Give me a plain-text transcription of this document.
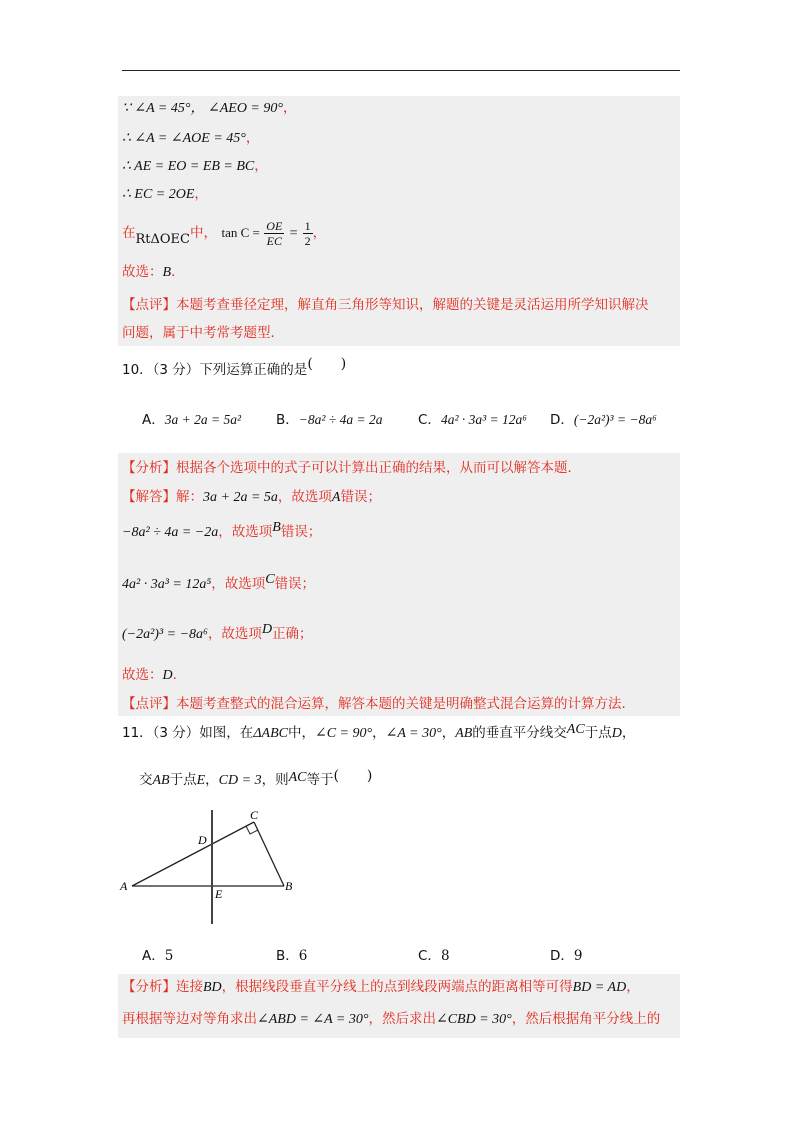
∵ ∠A = 45°， ∠AEO = 90°，
∴ ∠A = ∠AOE = 45°，
∴ AE = EO = EB = BC，
∴ EC = 2OE，
在RtΔOEC中， $\tan C = \frac{OE}{EC} = \frac{1}{2}$ ，
故选：B．
【点评】本题考查垂径定理，解直角三角形等知识，解题的关键是灵活运用所学知识解决
问题，属于中考常考题型．
10．（3 分）下列运算正确的是(　　)
A．3a + 2a = 5a²	B．−8a² ÷ 4a = 2a	C．4a² · 3a³ = 12a⁶ D．(−2a²)³ = −8a⁶
【分析】根据各个选项中的式子可以计算出正确的结果，从而可以解答本题．
【解答】解：3a + 2a = 5a，故选项A错误；
−8a² ÷ 4a = −2a，故选项B错误；
4a² · 3a³ = 12a⁵，故选项C错误；
(−2a²)³ = −8a⁶，故选项D正确；
故选：D．
【点评】本题考查整式的混合运算，解答本题的关键是明确整式混合运算的计算方法．
11．（3 分）如图，在ΔABC中，∠C = 90°，∠A = 30°，AB的垂直平分线交AC于点D，
交AB于点E，CD = 3，则AC等于(　　)
C
D
A
E
B
A．5	B．6	C．8	D．9
【分析】连接BD，根据线段垂直平分线上的点到线段两端点的距离相等可得BD = AD，
再根据等边对等角求出∠ABD = ∠A = 30°，然后求出∠CBD = 30°，然后根据角平分线上的
